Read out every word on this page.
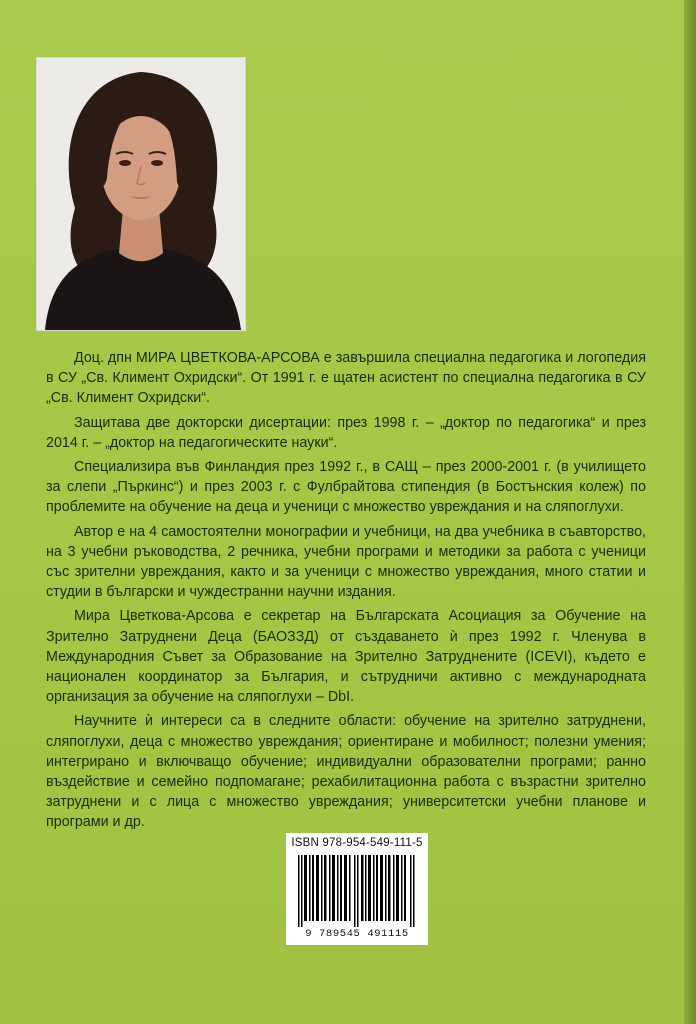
Доц. дпн МИРА ЦВЕТКОВА-АРСОВА е завършила специална педагогика и логопедия в СУ „Св. Климент Охридски“. От 1991 г. е щатен асистент по специална педагогика в СУ „Св. Климент Охридски“.

Защитава две докторски дисертации: през 1998 г. – „доктор по педагогика“ и през 2014 г. – „доктор на педагогическите науки“.

Специализира във Финландия през 1992 г., в САЩ – през 2000-2001 г. (в училището за слепи „Пъркинс“) и през 2003 г. с Фулбрайтова стипендия (в Бостънския колеж) по проблемите на обучение на деца и ученици с множество увреждания и на сляпоглухи.

Автор е на 4 самостоятелни монографии и учебници, на два учебника в съавторство, на 3 учебни ръководства, 2 речника, учебни програми и методики за работа с ученици със зрителни увреждания, както и за ученици с множество увреждания, много статии и студии в български и чуждестранни научни издания.

Мира Цветкова-Арсова е секретар на Българската Асоциация за Обучение на Зрително Затруднени Деца (БАОЗЗД) от създаването ѝ през 1992 г. Членува в Международния Съвет за Образование на Зрително Затруднените (ICEVI), където е национален координатор за България, и сътрудничи активно с международната организация за обучение на сляпоглухи – DbI.

Научните ѝ интереси са в следните области: обучение на зрително затруднени, сляпоглухи, деца с множество увреждания; ориентиране и мобилност; полезни умения; интегрирано и включващо обучение; индивидуални образователни програми; ранно въздействие и семейно подпомагане; рехабилитационна работа с възрастни зрително затруднени и с лица с множество увреждания; университетски учебни планове и програми и др.

ISBN 978-954-549-111-5
9 789545 491115
